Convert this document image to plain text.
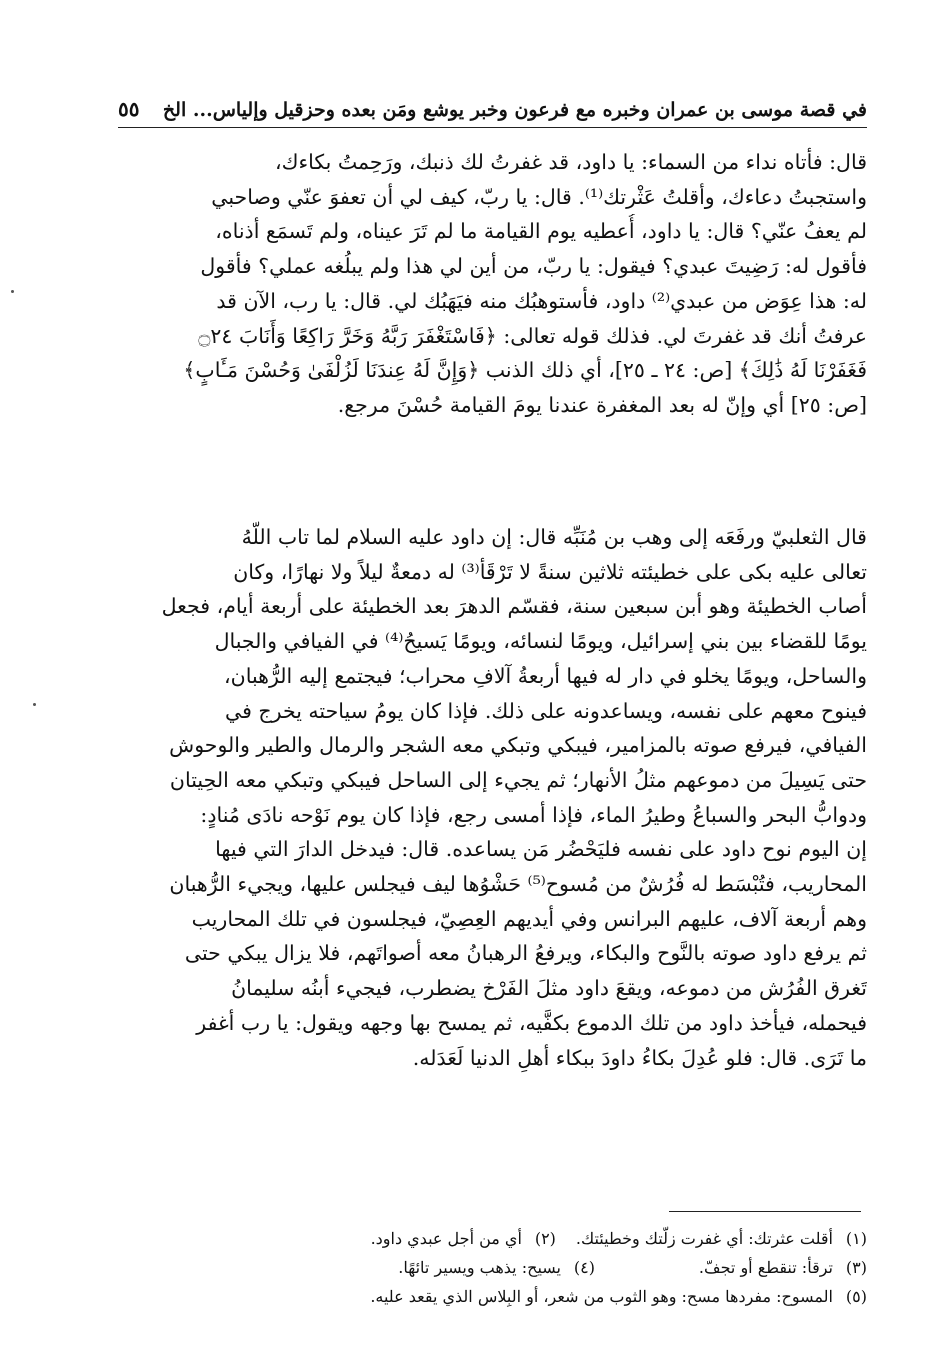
في قصة موسى بن عمران وخبره مع فرعون وخبر يوشع ومَن بعده وحزقيل وإلياس... الخ
٥٥
قال: فأتاه نداء من السماء: يا داود، قد غفرتُ لك ذنبك، ورَحِمتُ بكاءك،
واستجبتُ دعاءك، وأقلتُ عَثْرتك⁽¹⁾. قال: يا ربّ، كيف لي أن تعفوَ عنّي وصاحبي
لم يعفُ عنّي؟ قال: يا داود، أُعطيه يوم القيامة ما لم تَرَ عيناه، ولم تَسمَع أذناه،
فأقول له: رَضِيتَ عبدي؟ فيقول: يا ربّ، من أين لي هذا ولم يبلُغه عملي؟ فأقول
له: هذا عِوَض من عبدي⁽²⁾ داود، فأستوهبُك منه فيَهَبُك لي. قال: يا رب، الآن قد
عرفتُ أنك قد غفرتَ لي. فذلك قوله تعالى: ﴿فَاسْتَغْفَرَ رَبَّهُ وَخَرَّ رَاكِعًا وَأَنَابَ ۝٢٤
فَغَفَرْنَا لَهُ ذَٰلِكَ﴾ [ص: ٢٤ ـ ٢٥]، أي ذلك الذنب ﴿وَإِنَّ لَهُ عِندَنَا لَزُلْفَىٰ وَحُسْنَ مَـَٔابٍ﴾
[ص: ٢٥] أي وإنّ له بعد المغفرة عندنا يومَ القيامة حُسْنَ مرجع.
قال الثعلبيّ ورفَعَه إلى وهب بن مُنَبِّه قال: إن داود عليه السلام لما تاب اللّهُ
تعالى عليه بكى على خطيئته ثلاثين سنةً لا تَرْقَأ⁽³⁾ له دمعةٌ ليلاً ولا نهارًا، وكان
أصاب الخطيئة وهو أبن سبعين سنة، فقسّم الدهرَ بعد الخطيئة على أربعة أيام، فجعل
يومًا للقضاء بين بني إسرائيل، ويومًا لنسائه، ويومًا يَسيحُ⁽⁴⁾ في الفيافي والجبال
والساحل، ويومًا يخلو في دار له فيها أربعةُ آلافِ محراب؛ فيجتمع إليه الرُّهبان،
فينوح معهم على نفسه، ويساعدونه على ذلك. فإذا كان يومُ سياحته يخرج في
الفيافي، فيرفع صوته بالمزامير، فيبكي وتبكي معه الشجر والرمال والطير والوحوش
حتى يَسِيلَ من دموعهم مثلُ الأنهار؛ ثم يجيء إلى الساحل فيبكي وتبكي معه الحِيتان
ودوابُّ البحر والسباعُ وطيرُ الماء، فإذا أمسى رجع، فإذا كان يوم نَوْحه نادَى مُنادٍ:
إن اليوم نوح داود على نفسه فليَحْضُر مَن يساعده. قال: فيدخل الدارَ التي فيها
المحاريب، فتُبْسَط له فُرُشٌ من مُسوح⁽⁵⁾ حَشْوُها ليف فيجلس عليها، ويجيء الرُّهبان
وهم أربعة آلاف، عليهم البرانس وفي أيديهم العِصِيّ، فيجلسون في تلك المحاريب
ثم يرفع داود صوته بالنَّوح والبكاء، ويرفعُ الرهبانُ معه أصواتَهم، فلا يزال يبكي حتى
تَغرق الفُرُش من دموعه، ويقعَ داود مثلَ الفَرْخ يضطرب، فيجيء أبنُه سليمانُ
فيحمله، فيأخذ داود من تلك الدموع بكفَّيه، ثم يمسح بها وجهه ويقول: يا رب أغفر
ما تَرَى. قال: فلو عُدِلَ بكاءُ داودَ ببكاء أهلِ الدنيا لَعَدَله.
(١)
أقلت عثرتك: أي غفرت زلّتك وخطيئتك.
(٢)
أي من أجل عبدي داود.
(٣)
ترقأ: تنقطع أو تجفّ.
(٤)
يسيح: يذهب ويسير تائهًا.
(٥)
المسوح: مفردها مسح: وهو الثوب من شعر، أو البِلاس الذي يقعد عليه.
